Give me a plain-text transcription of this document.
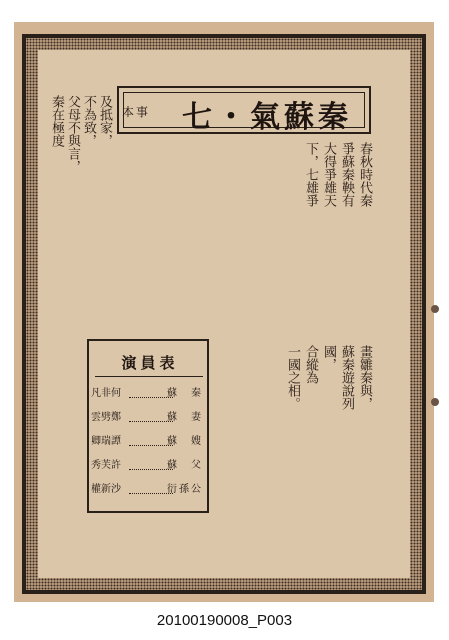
七・氣蘇秦
本事
春秋時代秦
爭蘇秦鞅有
大得爭雄天
下，七雄爭
及抵家，
不為致，
父母不與言，
秦在極度
畫雛秦與，
蘇秦遊說列
國，
合縱為
一國之相。
演員表
凡非何	蘇　秦
雲劈鄭	蘇　妻
卿瑞譚	蘇　嫂
秀芙許	蘇　父
權新沙	衍孫公
20100190008_P003
